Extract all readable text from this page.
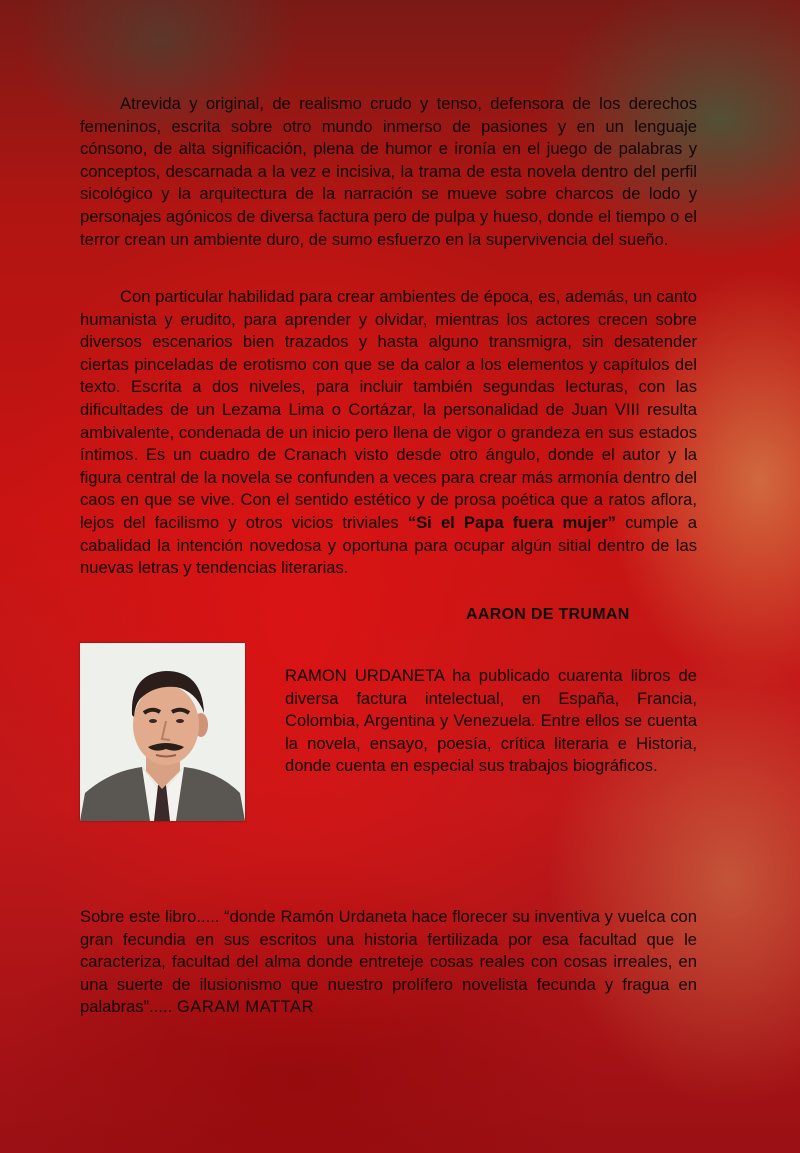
Atrevida y original, de realismo crudo y tenso, defensora de los derechos femeninos, escrita sobre otro mundo inmerso de pasiones y en un lenguaje cónsono, de alta significación, plena de humor e ironía en el juego de palabras y conceptos, descarnada a la vez e incisiva, la trama de esta novela dentro del perfil sicológico y la arquitectura de la narración se mueve sobre charcos de lodo y personajes agónicos de diversa factura pero de pulpa y hueso, donde el tiempo o el terror crean un ambiente duro, de sumo esfuerzo en la supervivencia del sueño.

Con particular habilidad para crear ambientes de época, es, además, un canto humanista y erudito, para aprender y olvidar, mientras los actores crecen sobre diversos escenarios bien trazados y hasta alguno transmigra, sin desatender ciertas pinceladas de erotismo con que se da calor a los elementos y capítulos del texto. Escrita a dos niveles, para incluir también segundas lecturas, con las dificultades de un Lezama Lima o Cortázar, la personalidad de Juan VIII resulta ambivalente, condenada de un inicio pero llena de vigor o grandeza en sus estados íntimos. Es un cuadro de Cranach visto desde otro ángulo, donde el autor y la figura central de la novela se confunden a veces para crear más armonía dentro del caos en que se vive. Con el sentido estético y de prosa poética que a ratos aflora, lejos del facilismo y otros vicios triviales “Si el Papa fuera mujer” cumple a cabalidad la intención novedosa y oportuna para ocupar algún sitial dentro de las nuevas letras y tendencias literarias.

AARON DE TRUMAN

RAMON URDANETA ha publicado cuarenta libros de diversa factura intelectual, en España, Francia, Colombia, Argentina y Venezuela. Entre ellos se cuenta la novela, ensayo, poesía, crítica literaria e Historia, donde cuenta en especial sus trabajos biográficos.

Sobre este libro..... “donde Ramón Urdaneta hace florecer su inventiva y vuelca con gran fecundia en sus escritos una historia fertilizada por esa facultad que le caracteriza, facultad del alma donde entreteje cosas reales con cosas irreales, en una suerte de ilusionismo que nuestro prolífero novelista fecunda y fragua en palabras”..... GARAM MATTAR
